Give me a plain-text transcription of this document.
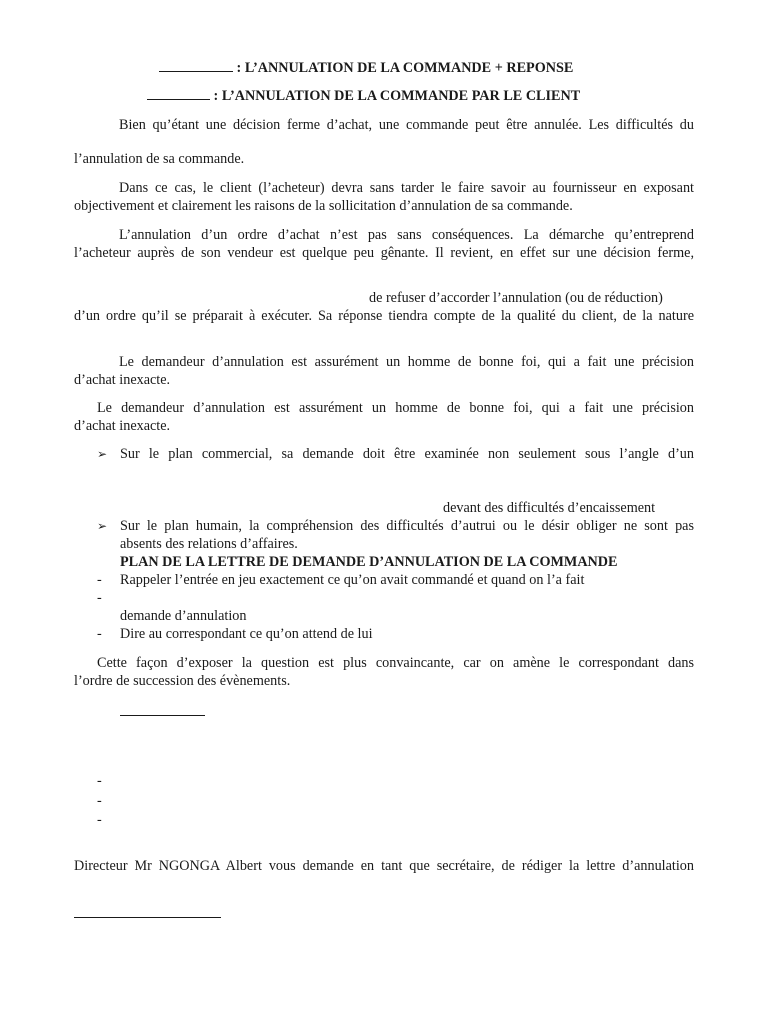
: L’ANNULATION DE LA COMMANDE + REPONSE
: L’ANNULATION DE LA COMMANDE PAR LE CLIENT
Bien qu’étant une décision ferme d’achat, une commande peut être annulée. Les difficultés du
l’annulation de sa commande.
Dans ce cas, le client (l’acheteur) devra sans tarder le faire savoir au fournisseur en exposant
objectivement et clairement les raisons de la sollicitation d’annulation de sa commande.
L’annulation d’un ordre d’achat n’est pas sans conséquences. La démarche qu’entreprend
l’acheteur auprès de son vendeur est quelque peu gênante. Il revient, en effet sur une décision ferme,
de refuser d’accorder l’annulation (ou de réduction)
d’un ordre qu’il se préparait à exécuter. Sa réponse tiendra compte de la qualité du client, de la nature
Le demandeur d’annulation est assurément un homme de bonne foi, qui a fait une précision
d’achat inexacte.
Le demandeur d’annulation est assurément un homme de bonne foi, qui a fait une précision
d’achat inexacte.
➢ Sur le plan commercial, sa demande doit être examinée non seulement sous l’angle d’un
devant des difficultés d’encaissement
➢ Sur le plan humain, la compréhension des difficultés d’autrui ou le désir obliger ne sont pas
absents des relations d’affaires.
PLAN DE LA LETTRE DE DEMANDE D’ANNULATION DE LA COMMANDE
- Rappeler l’entrée en jeu exactement ce qu’on avait commandé et quand on l’a fait
-
demande d’annulation
- Dire au correspondant ce qu’on attend de lui
Cette façon d’exposer la question est plus convaincante, car on amène le correspondant dans
l’ordre de succession des évènements.
-
-
-
Directeur Mr NGONGA Albert vous demande en tant que secrétaire, de rédiger la lettre d’annulation
